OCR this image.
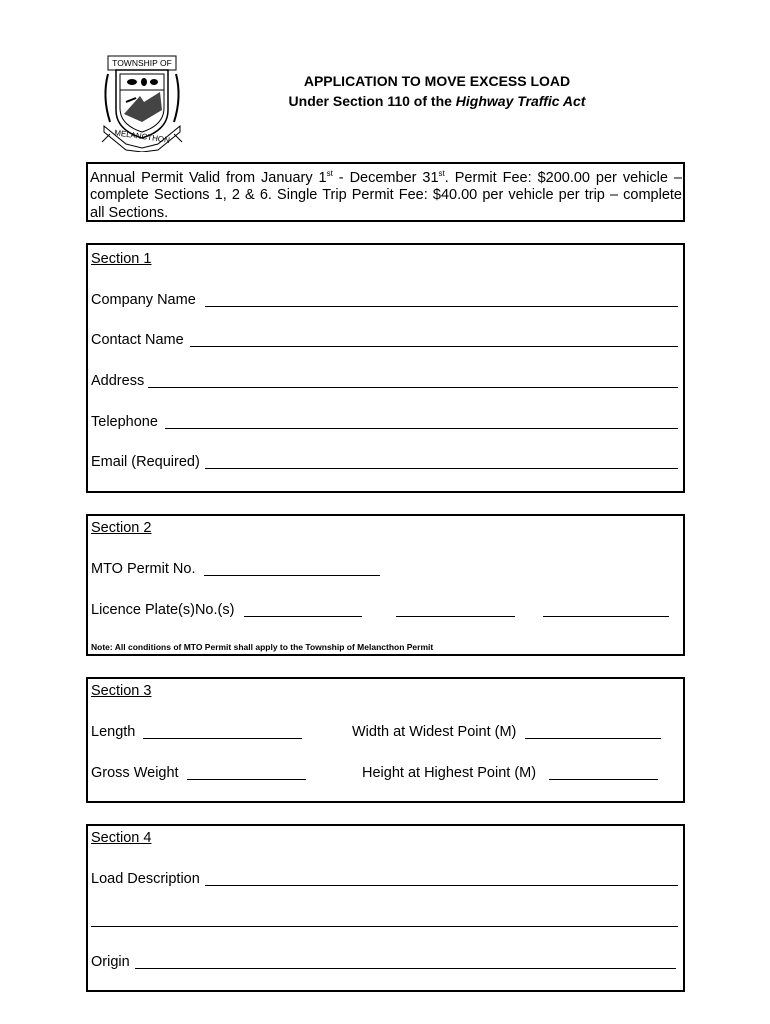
TOWNSHIP OF
MELANCTHON
APPLICATION TO MOVE EXCESS LOAD
Under Section 110 of the Highway Traffic Act
Annual Permit Valid from January 1st - December 31st. Permit Fee: $200.00 per vehicle – complete Sections 1, 2 & 6. Single Trip Permit Fee: $40.00 per vehicle per trip – complete all Sections.
Section 1
Company Name
Contact Name
Address
Telephone
Email (Required)
Section 2
MTO Permit No.
Licence Plate(s)No.(s)
Note: All conditions of MTO Permit shall apply to the Township of Melancthon Permit
Section 3
Length	Width at Widest Point (M)
Gross Weight	Height at Highest Point (M)
Section 4
Load Description
Origin
